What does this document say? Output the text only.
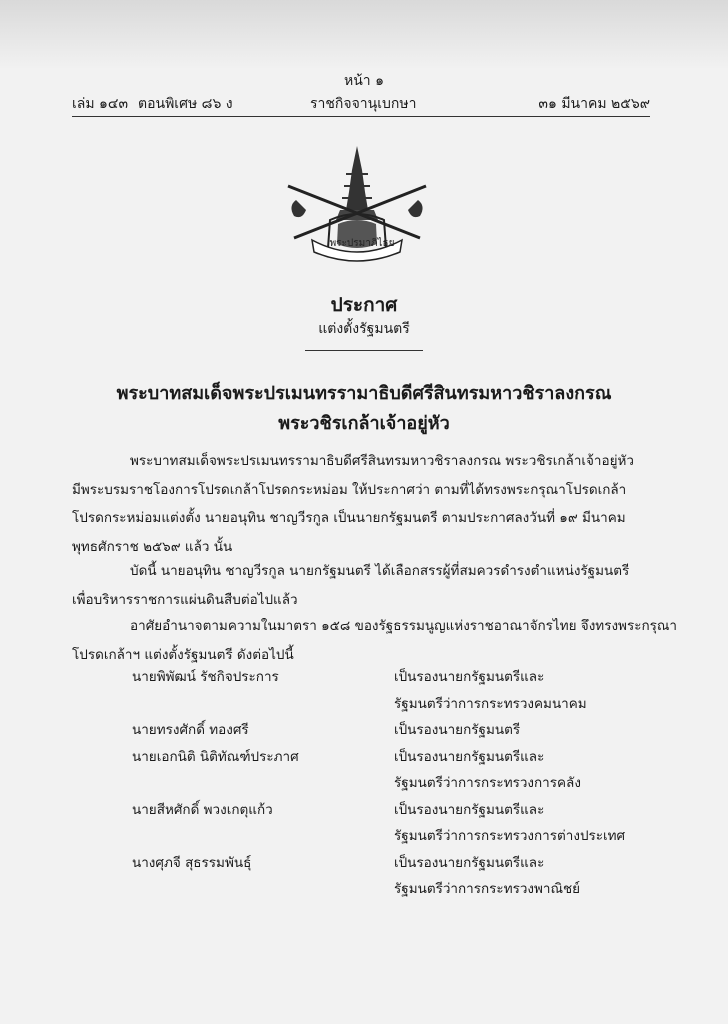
หน้า ๑
เล่ม ๑๔๓ ตอนพิเศษ ๘๖ ง	ราชกิจจานุเบกษา	๓๑ มีนาคม ๒๕๖๙
พระปรมาภิไธย
ประกาศ
แต่งตั้งรัฐมนตรี
พระบาทสมเด็จพระปรเมนทรรามาธิบดีศรีสินทรมหาวชิราลงกรณ
พระวชิรเกล้าเจ้าอยู่หัว
พระบาทสมเด็จพระปรเมนทรรามาธิบดีศรีสินทรมหาวชิราลงกรณ พระวชิรเกล้าเจ้าอยู่หัว
มีพระบรมราชโองการโปรดเกล้าโปรดกระหม่อม ให้ประกาศว่า ตามที่ได้ทรงพระกรุณาโปรดเกล้า
โปรดกระหม่อมแต่งตั้ง นายอนุทิน ชาญวีรกูล เป็นนายกรัฐมนตรี ตามประกาศลงวันที่ ๑๙ มีนาคม
พุทธศักราช ๒๕๖๙ แล้ว นั้น
บัดนี้ นายอนุทิน ชาญวีรกูล นายกรัฐมนตรี ได้เลือกสรรผู้ที่สมควรดำรงตำแหน่งรัฐมนตรี
เพื่อบริหารราชการแผ่นดินสืบต่อไปแล้ว
อาศัยอำนาจตามความในมาตรา ๑๕๘ ของรัฐธรรมนูญแห่งราชอาณาจักรไทย จึงทรงพระกรุณา
โปรดเกล้าฯ แต่งตั้งรัฐมนตรี ดังต่อไปนี้
นายพิพัฒน์ รัชกิจประการ	เป็นรองนายกรัฐมนตรีและ
รัฐมนตรีว่าการกระทรวงคมนาคม
นายทรงศักดิ์ ทองศรี	เป็นรองนายกรัฐมนตรี
นายเอกนิติ นิติทัณฑ์ประภาศ	เป็นรองนายกรัฐมนตรีและ
รัฐมนตรีว่าการกระทรวงการคลัง
นายสีหศักดิ์ พวงเกตุแก้ว	เป็นรองนายกรัฐมนตรีและ
รัฐมนตรีว่าการกระทรวงการต่างประเทศ
นางศุภจี สุธรรมพันธุ์	เป็นรองนายกรัฐมนตรีและ
รัฐมนตรีว่าการกระทรวงพาณิชย์
